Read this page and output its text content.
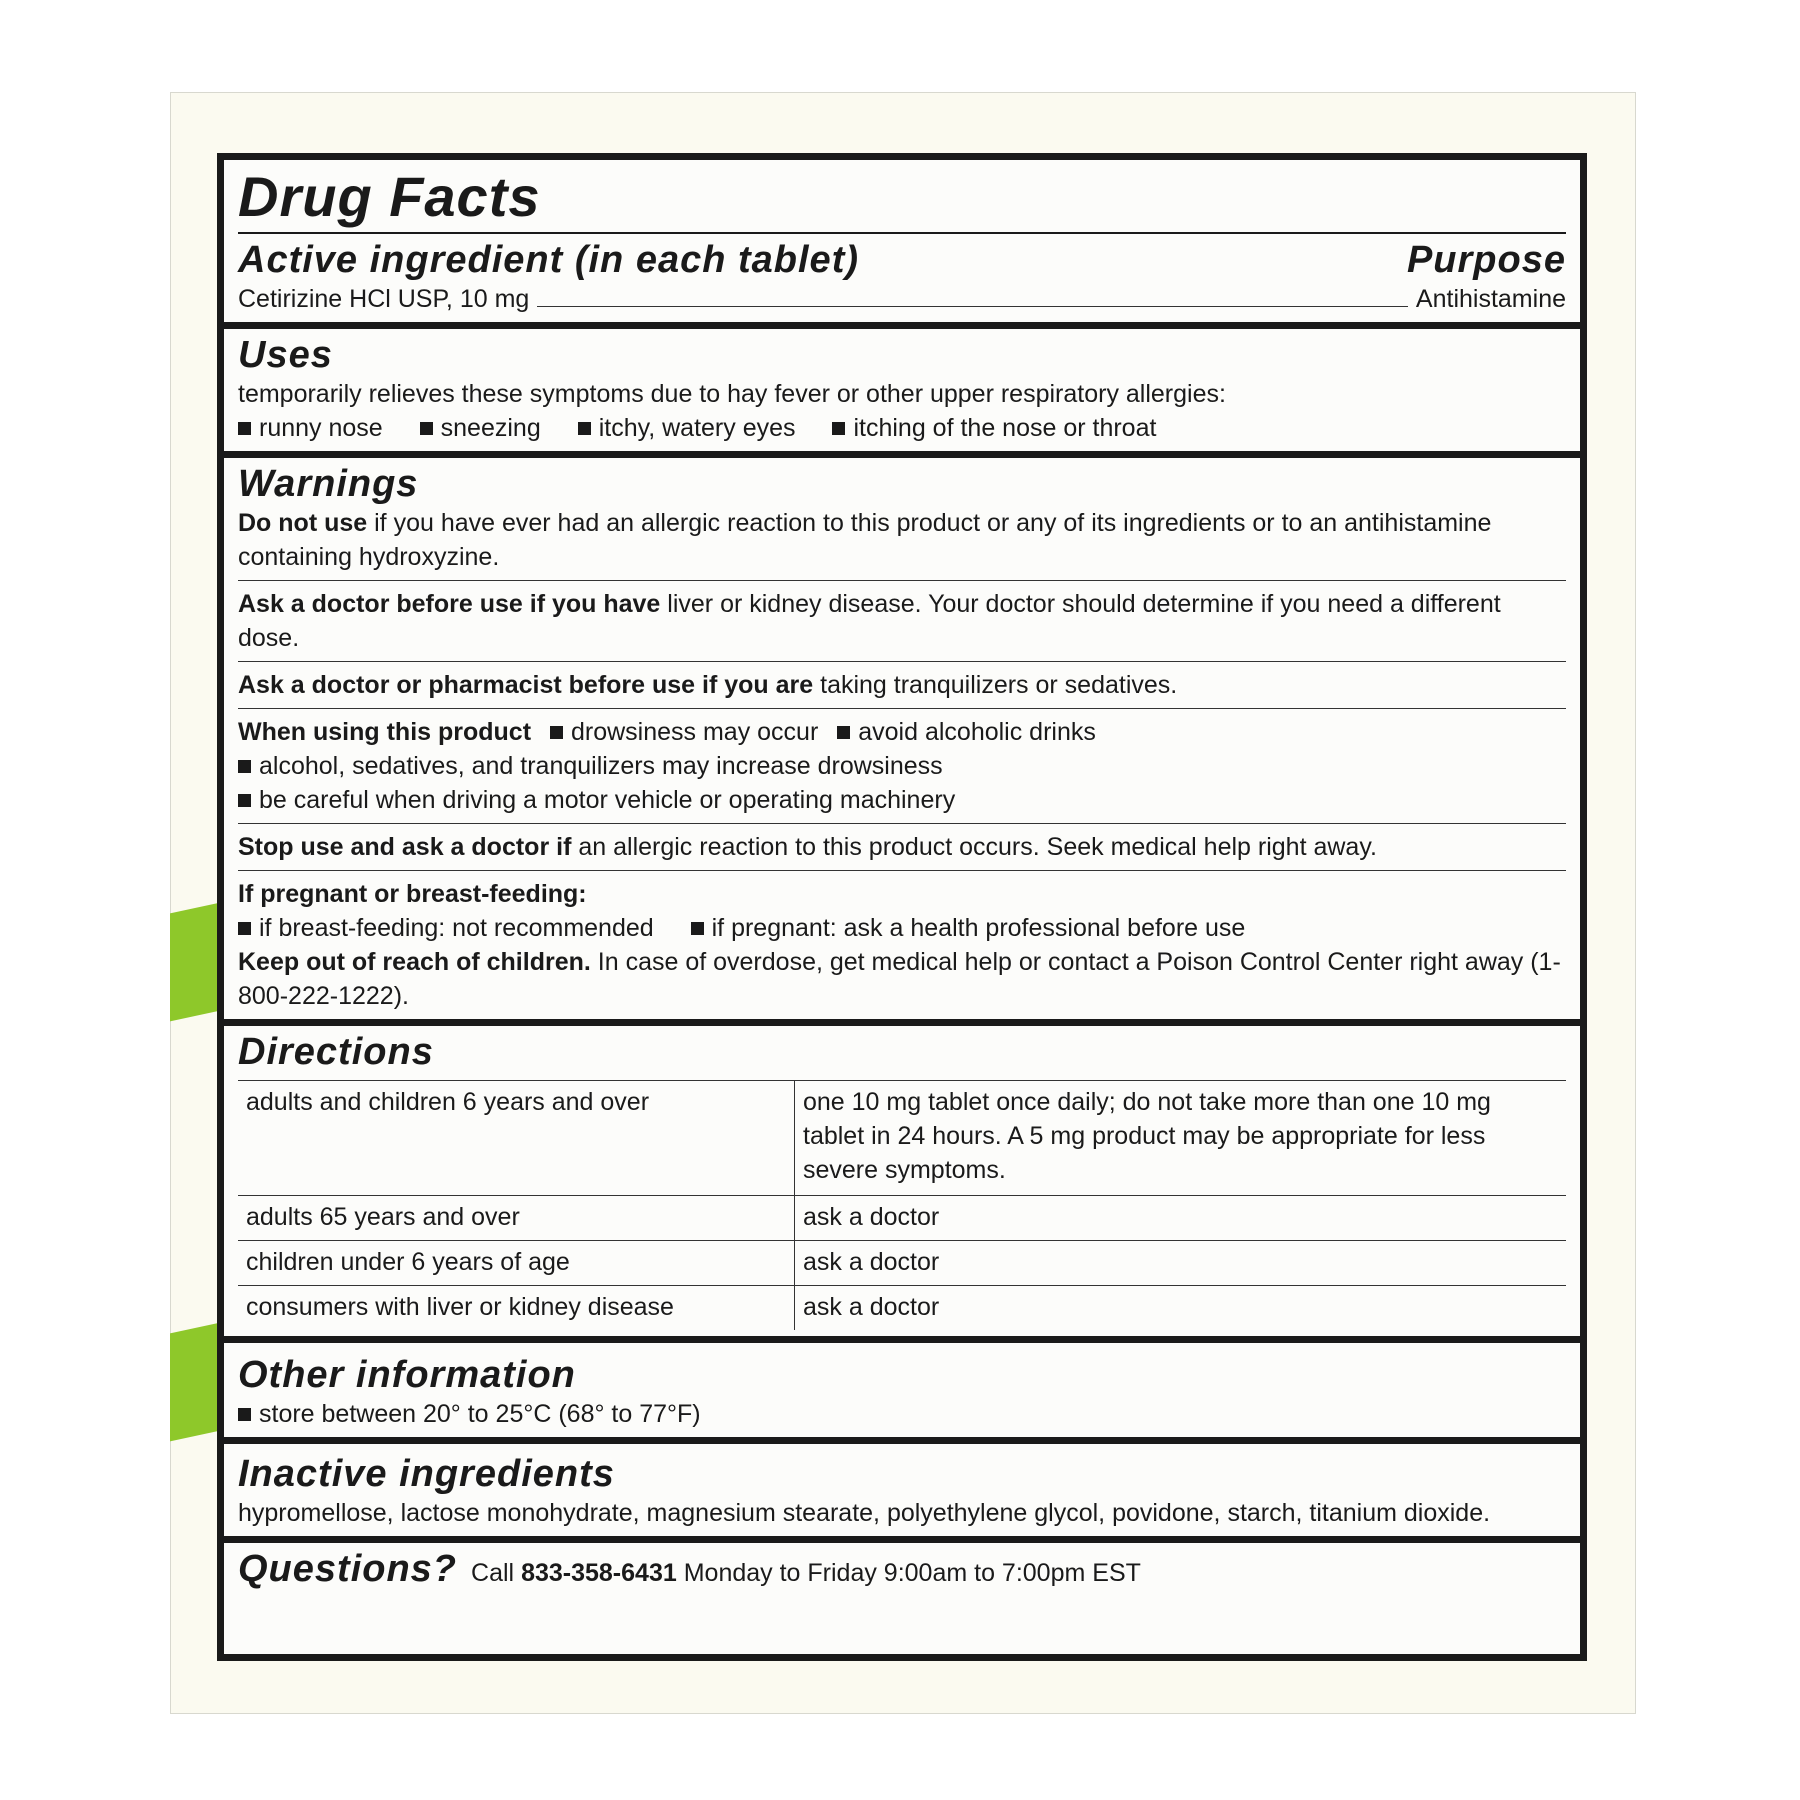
Drug Facts
Active ingredient (in each tablet)	Purpose
Cetirizine HCl USP, 10 mg	Antihistamine
Uses
temporarily relieves these symptoms due to hay fever or other upper respiratory allergies:
runny nose sneezing itchy, watery eyes itching of the nose or throat
Warnings
Do not use if you have ever had an allergic reaction to this product or any of its ingredients or to an antihistamine containing hydroxyzine.
Ask a doctor before use if you have liver or kidney disease. Your doctor should determine if you need a different dose.
Ask a doctor or pharmacist before use if you are taking tranquilizers or sedatives.
When using this product drowsiness may occur avoid alcoholic drinks
alcohol, sedatives, and tranquilizers may increase drowsiness
be careful when driving a motor vehicle or operating machinery
Stop use and ask a doctor if an allergic reaction to this product occurs. Seek medical help right away.
If pregnant or breast-feeding:
if breast-feeding: not recommended if pregnant: ask a health professional before use
Keep out of reach of children. In case of overdose, get medical help or contact a Poison Control Center right away (1-800-222-1222).
Directions
adults and children 6 years and over	one 10 mg tablet once daily; do not take more than one 10 mg tablet in 24 hours. A 5 mg product may be appropriate for less severe symptoms.
adults 65 years and over	ask a doctor
children under 6 years of age	ask a doctor
consumers with liver or kidney disease	ask a doctor
Other information
store between 20° to 25°C (68° to 77°F)
Inactive ingredients
hypromellose, lactose monohydrate, magnesium stearate, polyethylene glycol, povidone, starch, titanium dioxide.
Questions? Call 833-358-6431 Monday to Friday 9:00am to 7:00pm EST
